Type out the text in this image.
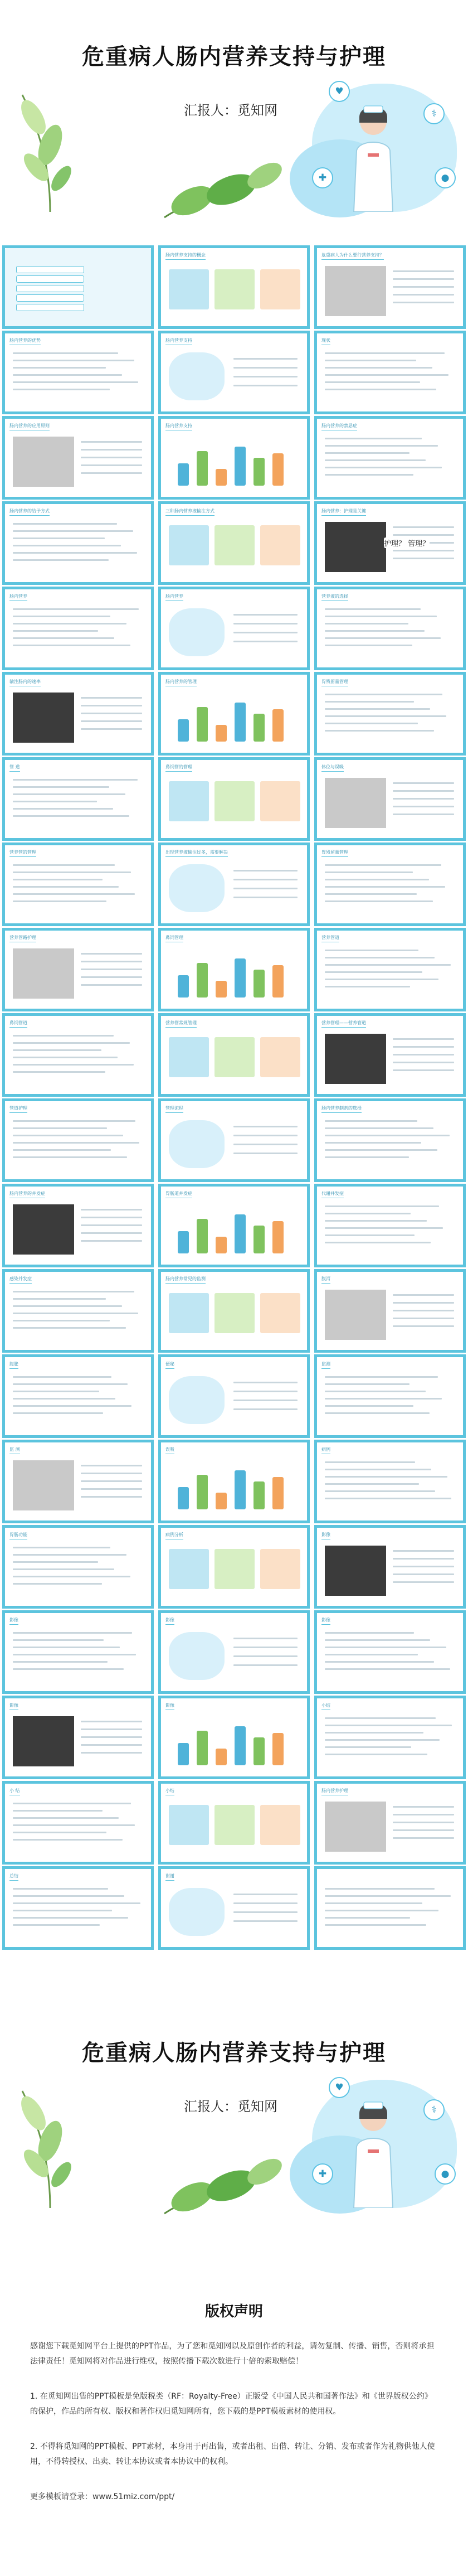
♥
⚕
✚	●
危重病人肠内营养支持与护理
汇报人：觅知网
肠内营养支持的概念	危重病人为什么要行营养支持？
肠内营养的优势	肠内营养支持	现状
肠内营养的应用原则	肠内营养支持	肠内营养的禁忌症
肠内营养的给予方式	三种肠内营养液输注方式	肠内营养：护理是关键
护理？ 管理？
肠内营养	肠内营养	营养液的选择
输注肠内的速率	肠内营养的管理	胃残留量管理
管 道	鼻饲管的管理	体位与误吸
营养管的管理	出现营养液输注过多，需要解决	胃残留量管理
营养管路护理	鼻饲管理	营养管道
鼻饲管道	营养管常规管理	营养管理——营养管道
管道护理	管理流程	肠内营养制剂的选择
肠内营养的并发症	胃肠道并发症	代谢并发症
感染并发症	肠内营养常见的监测	腹泻
腹胀	便秘	监测
监 测	误吸	病例
胃肠功能	病例分析	影像
影像	影像	影像
影像	影像	小结
小 结	小结	肠内营养护理
总结	谢谢
♥
⚕
✚	●
危重病人肠内营养支持与护理
汇报人：觅知网
版权声明

感谢您下载觅知网平台上提供的PPT作品，为了您和觅知网以及原创作者的利益，请勿复制、传播、销售，否则将承担法律责任！觅知网将对作品进行维权，按照传播下载次数进行十倍的索取赔偿！

1. 在觅知网出售的PPT模板是免版税类（RF：Royalty-Free）正版受《中国人民共和国著作法》和《世界版权公约》的保护，作品的所有权、版权和著作权归觅知网所有，您下载的是PPT模板素材的使用权。

2. 不得将觅知网的PPT模板、PPT素材，本身用于再出售，或者出租、出借、转让、分销、发布或者作为礼物供他人使用，不得转授权、出卖、转让本协议或者本协议中的权利。

更多模板请登录：www.51miz.com/ppt/
